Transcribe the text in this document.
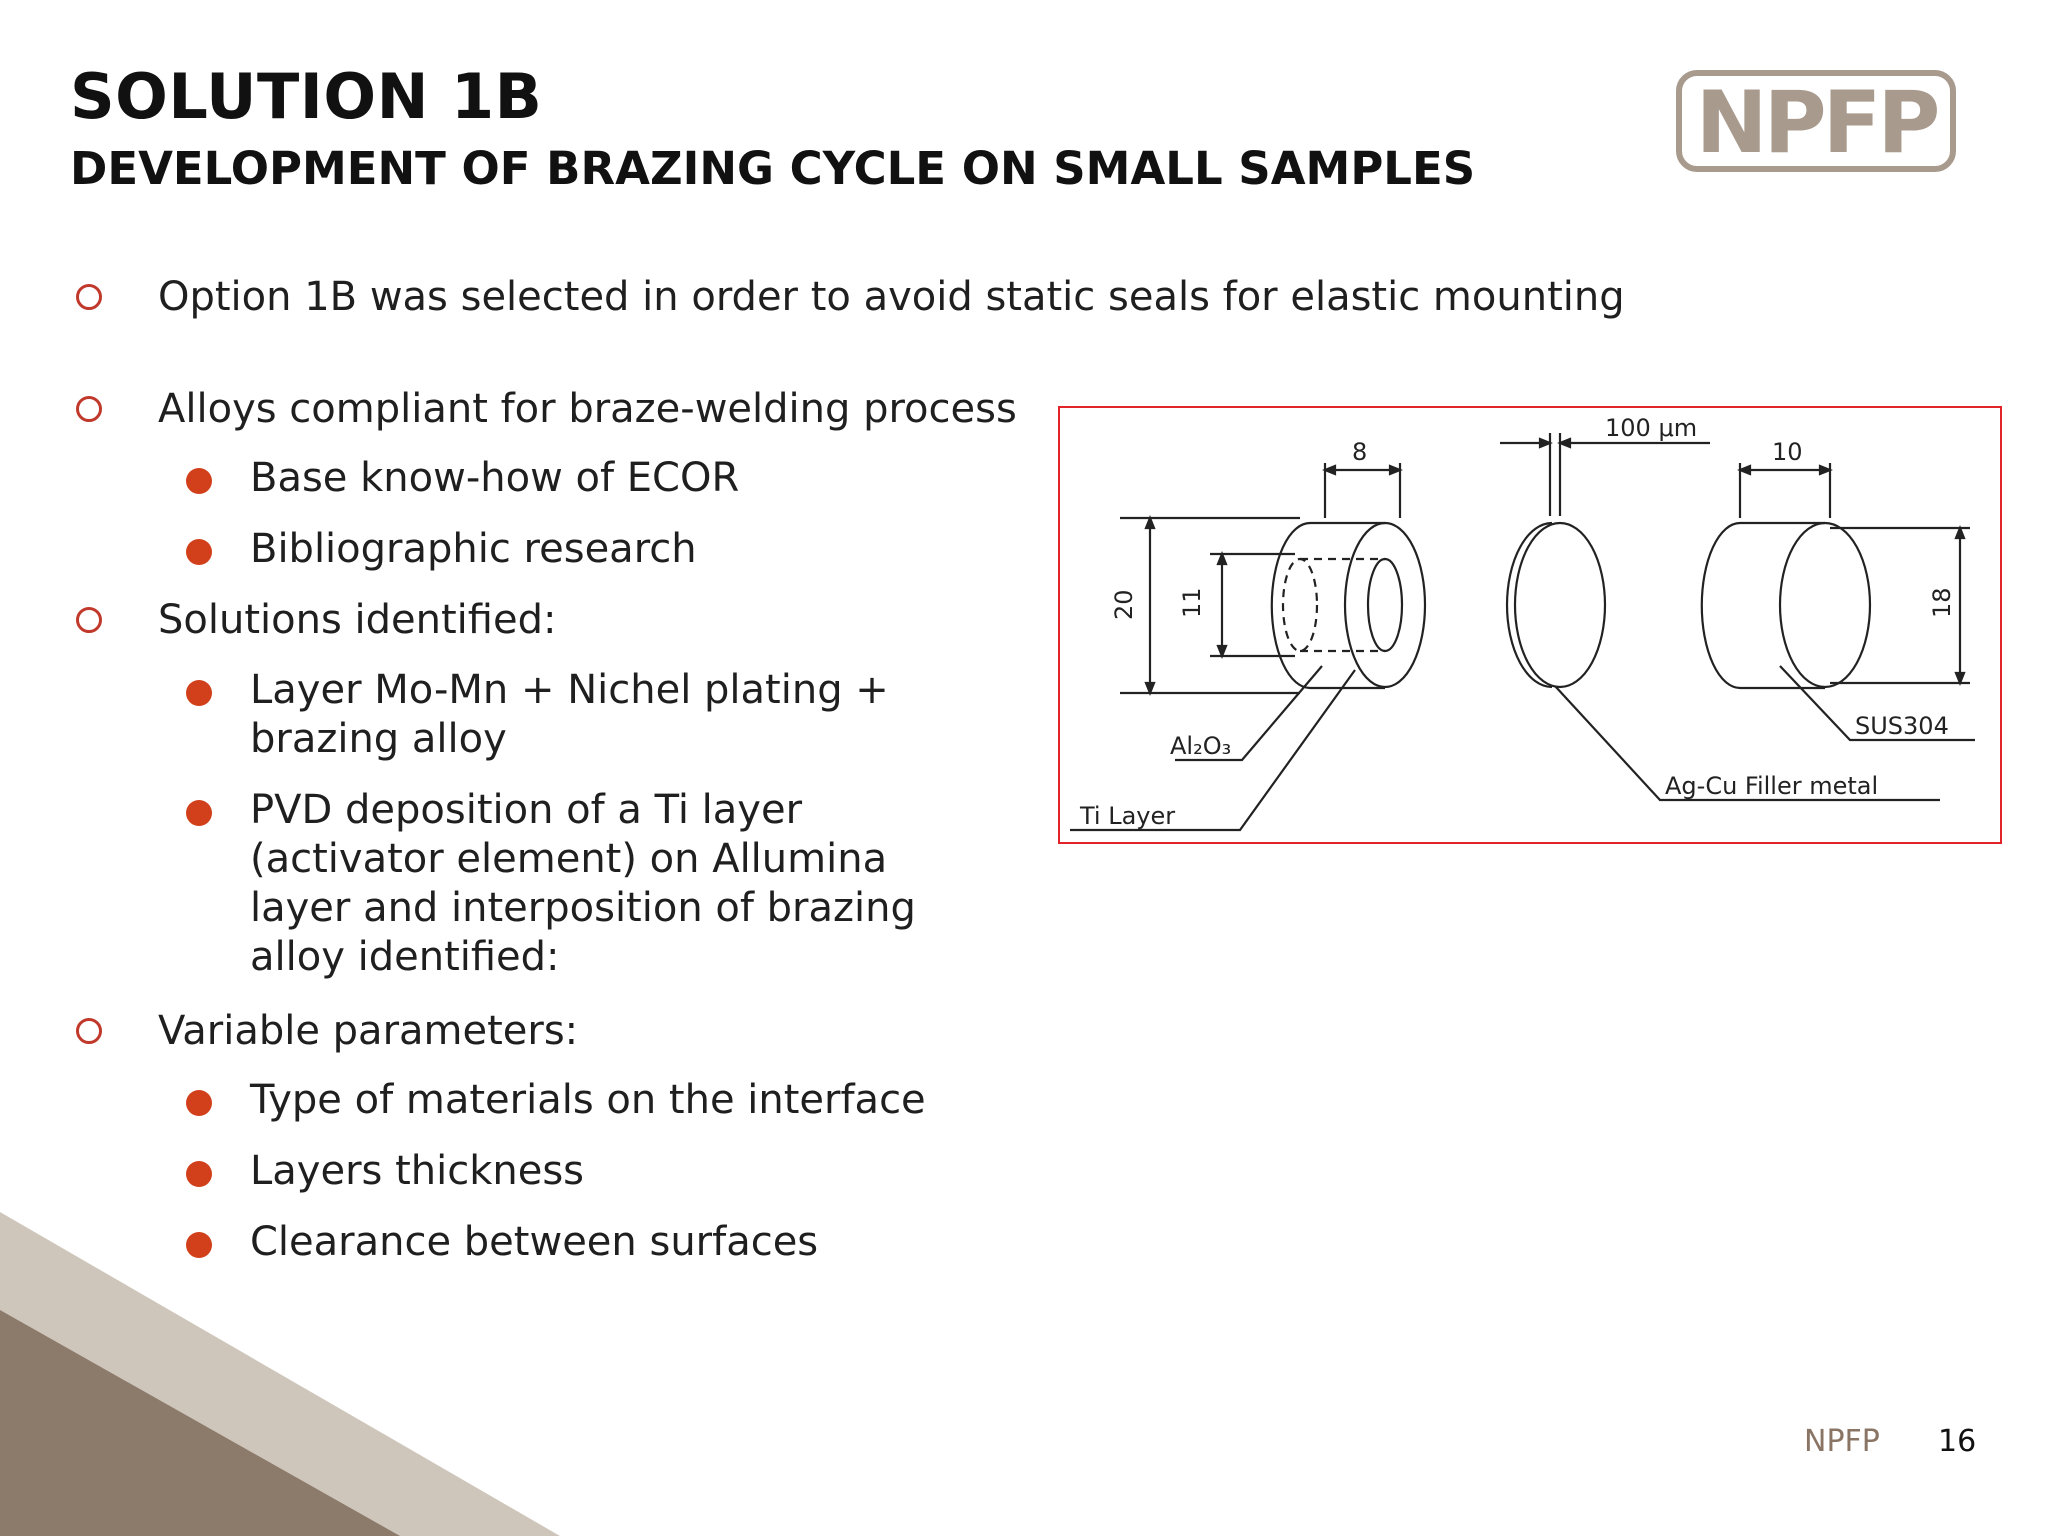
SOLUTION 1B
DEVELOPMENT OF BRAZING CYCLE ON SMALL SAMPLES	NPFP
Option 1B was selected in order to avoid static seals for elastic mounting
Alloys compliant for braze-welding process
Base know-how of ECOR
Bibliographic research
Solutions identified:
Layer Mo-Mn + Nichel plating + brazing alloy
PVD deposition of a Ti layer (activator element) on Allumina layer and interposition of brazing alloy identified:
Variable parameters:
Type of materials on the interface
Layers thickness
Clearance between surfaces
8
20 11
Al₂O₃
Ti Layer
100 μm
Ag-Cu Filler metal
10
18
SUS304
NPFP 16
